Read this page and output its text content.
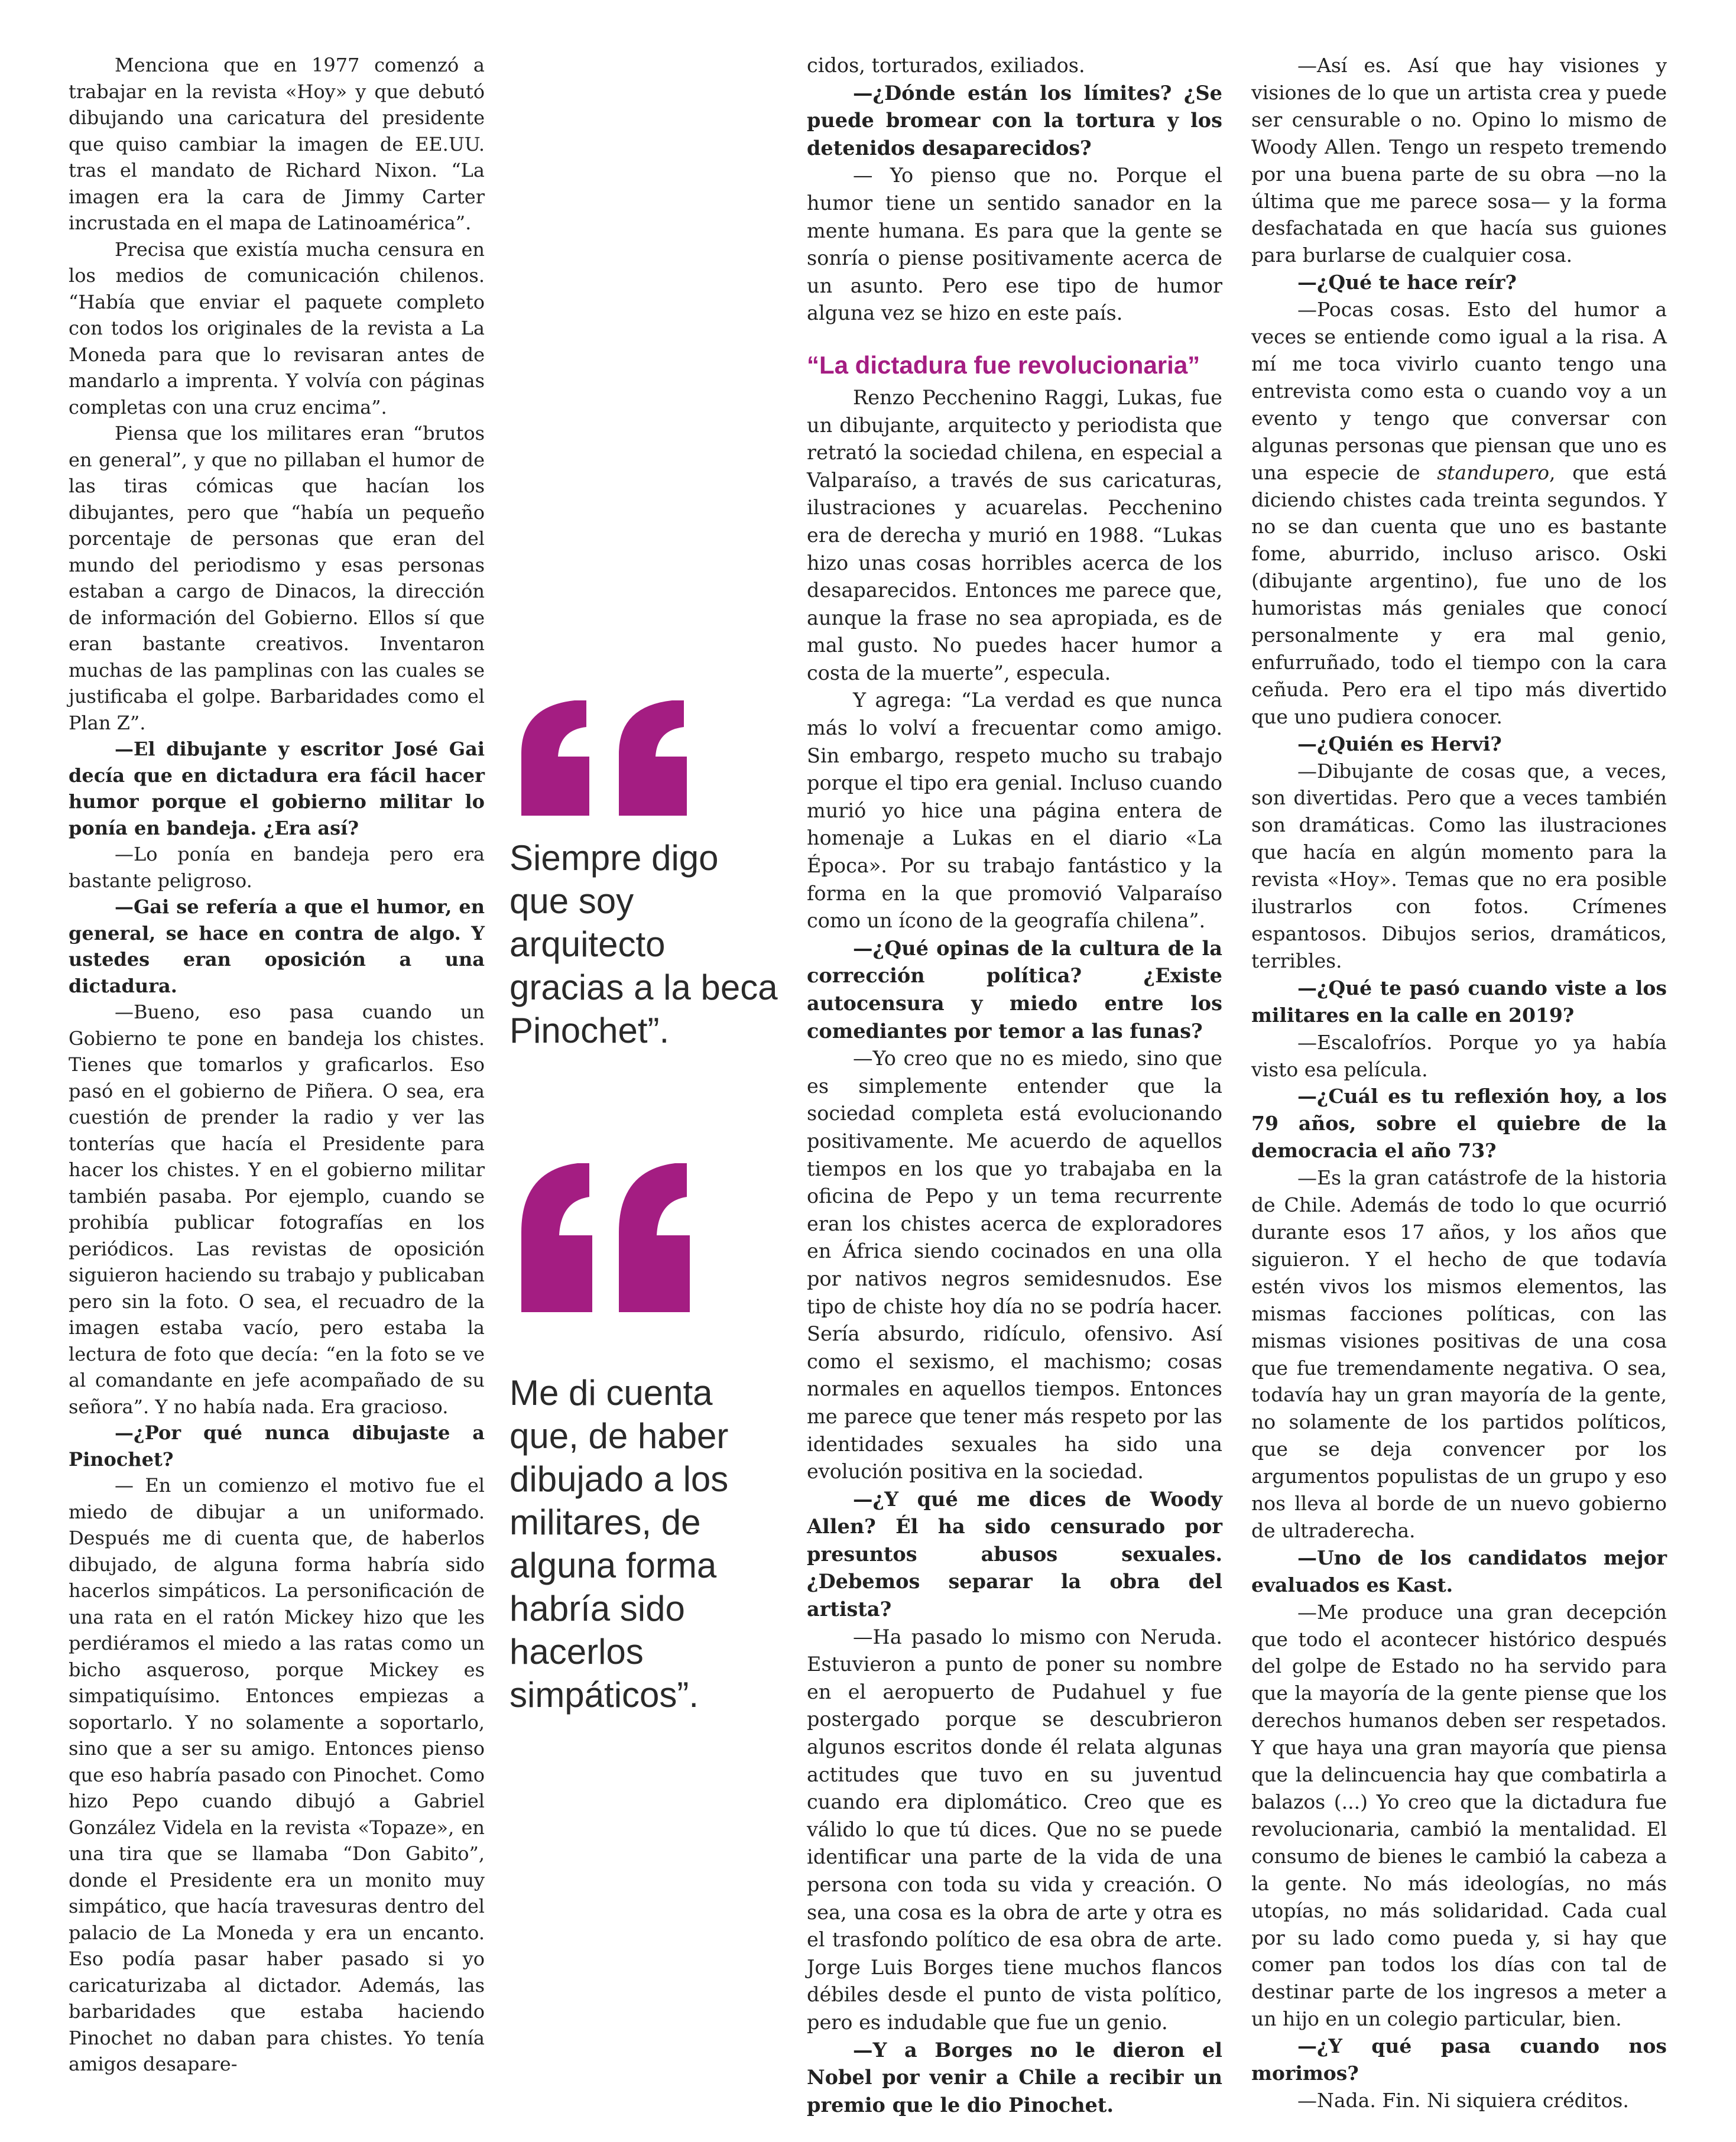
Menciona que en 1977 comenzó a trabajar en la revista «Hoy» y que debutó dibujando una caricatura del presidente que quiso cambiar la imagen de EE.UU. tras el mandato de Richard Nixon. “La imagen era la cara de Jimmy Carter incrustada en el mapa de Latinoamérica”.

Precisa que existía mucha censura en los medios de comunicación chilenos. “Había que enviar el paquete completo con todos los originales de la revista a La Moneda para que lo revisaran antes de mandarlo a imprenta. Y volvía con páginas completas con una cruz encima”.

Piensa que los militares eran “brutos en general”, y que no pillaban el humor de las tiras cómicas que hacían los dibujantes, pero que “había un pequeño porcentaje de personas que eran del mundo del periodismo y esas personas estaban a cargo de Dinacos, la dirección de información del Gobierno. Ellos sí que eran bastante creativos. Inventaron muchas de las pamplinas con las cuales se justificaba el golpe. Barbaridades como el Plan Z”.

—El dibujante y escritor José Gai decía que en dictadura era fácil hacer humor porque el gobierno militar lo ponía en bandeja. ¿Era así?

—Lo ponía en bandeja pero era bastante peligroso.

—Gai se refería a que el humor, en general, se hace en contra de algo. Y ustedes eran oposición a una dictadura.

—Bueno, eso pasa cuando un Gobierno te pone en bandeja los chistes. Tienes que tomarlos y graficarlos. Eso pasó en el gobierno de Piñera. O sea, era cuestión de prender la radio y ver las tonterías que hacía el Presidente para hacer los chistes. Y en el gobierno militar también pasaba. Por ejemplo, cuando se prohibía publicar fotografías en los periódicos. Las revistas de oposición siguieron haciendo su trabajo y publicaban pero sin la foto. O sea, el recuadro de la imagen estaba vacío, pero estaba la lectura de foto que decía: “en la foto se ve al comandante en jefe acompañado de su señora”. Y no había nada. Era gracioso.

—¿Por qué nunca dibujaste a Pinochet?

— En un comienzo el motivo fue el miedo de dibujar a un uniformado. Después me di cuenta que, de haberlos dibujado, de alguna forma habría sido hacerlos simpáticos. La personificación de una rata en el ratón Mickey hizo que les perdiéramos el miedo a las ratas como un bicho asqueroso, porque Mickey es simpatiquísimo. Entonces empiezas a soportarlo. Y no solamente a soportarlo, sino que a ser su amigo. Entonces pienso que eso habría pasado con Pinochet. Como hizo Pepo cuando dibujó a Gabriel González Videla en la revista «Topaze», en una tira que se llamaba “Don Gabito”, donde el Presidente era un monito muy simpático, que hacía travesuras dentro del palacio de La Moneda y era un encanto. Eso podía pasar haber pasado si yo caricaturizaba al dictador. Además, las barbaridades que estaba haciendo Pinochet no daban para chistes. Yo tenía amigos desapare-

Siempre digo que soy arquitecto gracias a la beca Pinochet”.
Me di cuenta que, de haber dibujado a los militares, de alguna forma habría sido hacerlos simpáticos”.

cidos, torturados, exiliados.

—¿Dónde están los límites? ¿Se puede bromear con la tortura y los detenidos desaparecidos?

— Yo pienso que no. Porque el humor tiene un sentido sanador en la mente humana. Es para que la gente se sonría o piense positivamente acerca de un asunto. Pero ese tipo de humor alguna vez se hizo en este país.

“La dictadura fue revolucionaria”

Renzo Pecchenino Raggi, Lukas, fue un dibujante, arquitecto y periodista que retrató la sociedad chilena, en especial a Valparaíso, a través de sus caricaturas, ilustraciones y acuarelas. Pecchenino era de derecha y murió en 1988. “Lukas hizo unas cosas horribles acerca de los desaparecidos. Entonces me parece que, aunque la frase no sea apropiada, es de mal gusto. No puedes hacer humor a costa de la muerte”, especula.

Y agrega: “La verdad es que nunca más lo volví a frecuentar como amigo. Sin embargo, respeto mucho su trabajo porque el tipo era genial. Incluso cuando murió yo hice una página entera de homenaje a Lukas en el diario «La Época». Por su trabajo fantástico y la forma en la que promovió Valparaíso como un ícono de la geografía chilena”.

—¿Qué opinas de la cultura de la corrección política? ¿Existe autocensura y miedo entre los comediantes por temor a las funas?

—Yo creo que no es miedo, sino que es simplemente entender que la sociedad completa está evolucionando positivamente. Me acuerdo de aquellos tiempos en los que yo trabajaba en la oficina de Pepo y un tema recurrente eran los chistes acerca de exploradores en África siendo cocinados en una olla por nativos negros semidesnudos. Ese tipo de chiste hoy día no se podría hacer. Sería absurdo, ridículo, ofensivo. Así como el sexismo, el machismo; cosas normales en aquellos tiempos. Entonces me parece que tener más respeto por las identidades sexuales ha sido una evolución positiva en la sociedad.

—¿Y qué me dices de Woody Allen? Él ha sido censurado por presuntos abusos sexuales. ¿Debemos separar la obra del artista?

—Ha pasado lo mismo con Neruda. Estuvieron a punto de poner su nombre en el aeropuerto de Pudahuel y fue postergado porque se descubrieron algunos escritos donde él relata algunas actitudes que tuvo en su juventud cuando era diplomático. Creo que es válido lo que tú dices. Que no se puede identificar una parte de la vida de una persona con toda su vida y creación. O sea, una cosa es la obra de arte y otra es el trasfondo político de esa obra de arte. Jorge Luis Borges tiene muchos flancos débiles desde el punto de vista político, pero es indudable que fue un genio.

—Y a Borges no le dieron el Nobel por venir a Chile a recibir un premio que le dio Pinochet.

—Así es. Así que hay visiones y visiones de lo que un artista crea y puede ser censurable o no. Opino lo mismo de Woody Allen. Tengo un respeto tremendo por una buena parte de su obra —no la última que me parece sosa— y la forma desfachatada en que hacía sus guiones para burlarse de cualquier cosa.

—¿Qué te hace reír?

—Pocas cosas. Esto del humor a veces se entiende como igual a la risa. A mí me toca vivirlo cuanto tengo una entrevista como esta o cuando voy a un evento y tengo que conversar con algunas personas que piensan que uno es una especie de standupero, que está diciendo chistes cada treinta segundos. Y no se dan cuenta que uno es bastante fome, aburrido, incluso arisco. Oski (dibujante argentino), fue uno de los humoristas más geniales que conocí personalmente y era mal genio, enfurruñado, todo el tiempo con la cara ceñuda. Pero era el tipo más divertido que uno pudiera conocer.

—¿Quién es Hervi?

—Dibujante de cosas que, a veces, son divertidas. Pero que a veces también son dramáticas. Como las ilustraciones que hacía en algún momento para la revista «Hoy». Temas que no era posible ilustrarlos con fotos. Crímenes espantosos. Dibujos serios, dramáticos, terribles.

—¿Qué te pasó cuando viste a los militares en la calle en 2019?

—Escalofríos. Porque yo ya había visto esa película.

—¿Cuál es tu reflexión hoy, a los 79 años, sobre el quiebre de la democracia el año 73?

—Es la gran catástrofe de la historia de Chile. Además de todo lo que ocurrió durante esos 17 años, y los años que siguieron. Y el hecho de que todavía estén vivos los mismos elementos, las mismas facciones políticas, con las mismas visiones positivas de una cosa que fue tremendamente negativa. O sea, todavía hay un gran mayoría de la gente, no solamente de los partidos políticos, que se deja convencer por los argumentos populistas de un grupo y eso nos lleva al borde de un nuevo gobierno de ultraderecha.

—Uno de los candidatos mejor evaluados es Kast.

—Me produce una gran decepción que todo el acontecer histórico después del golpe de Estado no ha servido para que la mayoría de la gente piense que los derechos humanos deben ser respetados. Y que haya una gran mayoría que piensa que la delincuencia hay que combatirla a balazos (...) Yo creo que la dictadura fue revolucionaria, cambió la mentalidad. El consumo de bienes le cambió la cabeza a la gente. No más ideologías, no más utopías, no más solidaridad. Cada cual por su lado como pueda y, si hay que comer pan todos los días con tal de destinar parte de los ingresos a meter a un hijo en un colegio particular, bien.

—¿Y qué pasa cuando nos morimos?

—Nada. Fin. Ni siquiera créditos.
